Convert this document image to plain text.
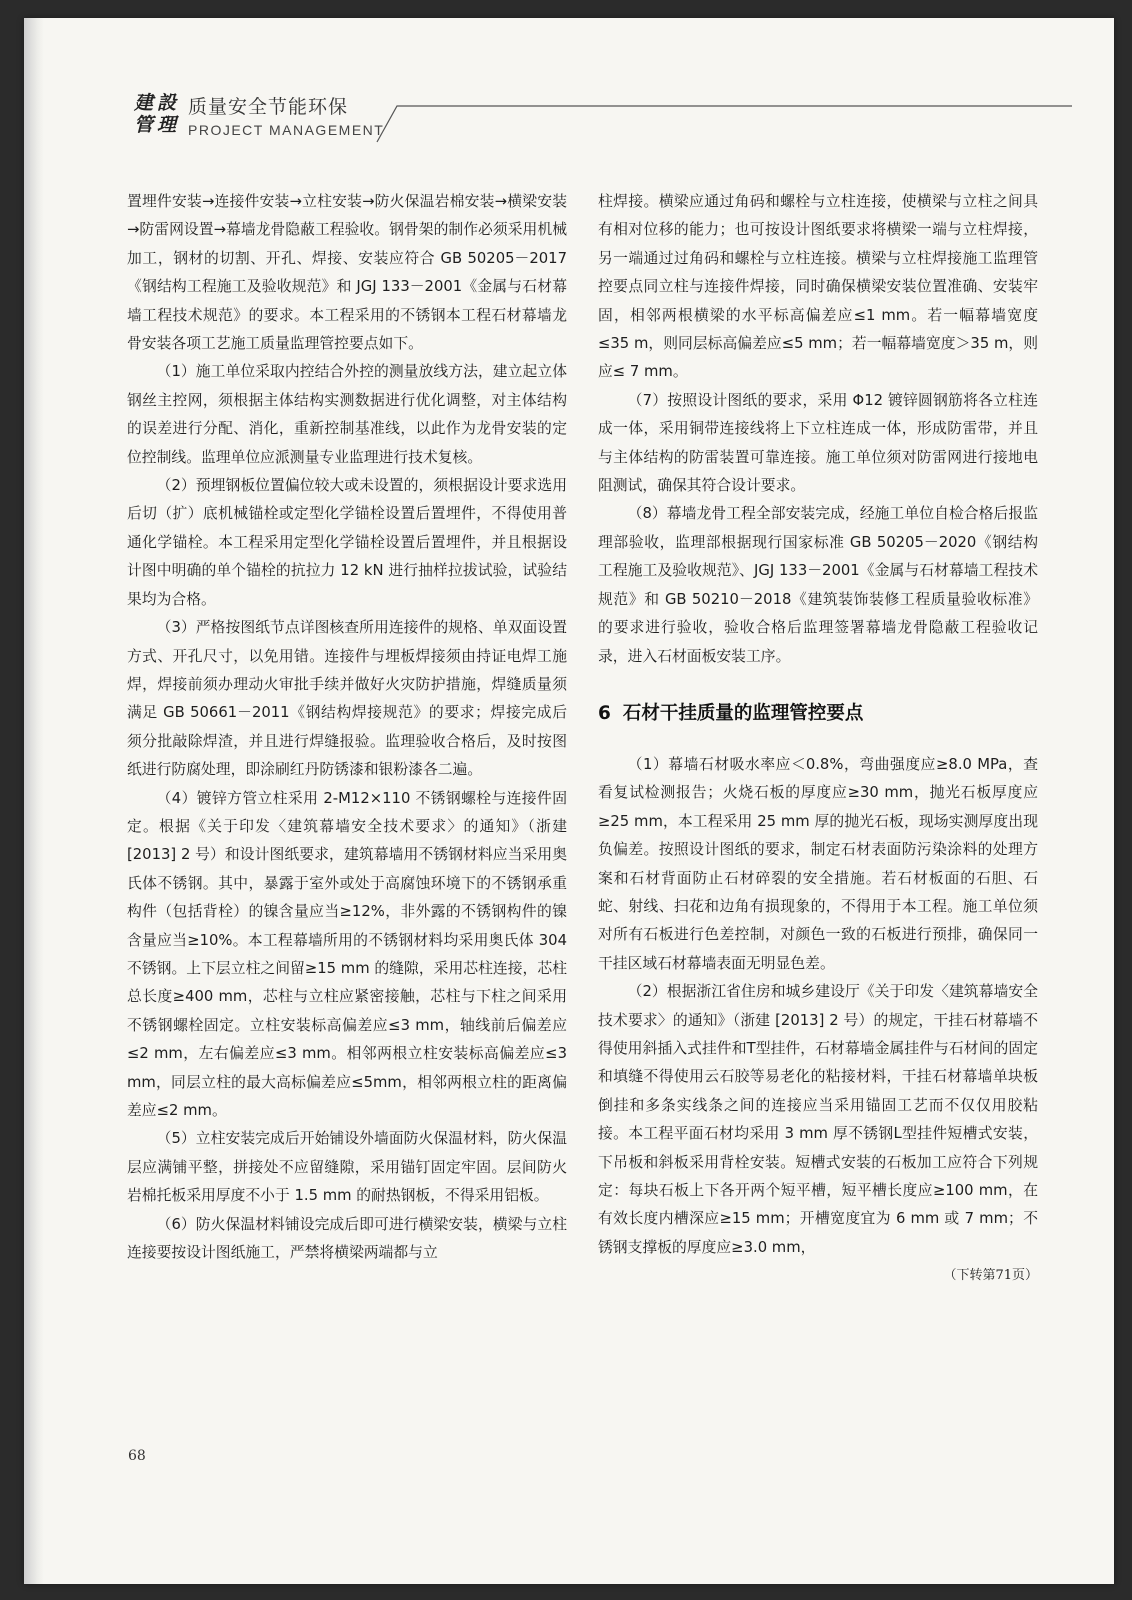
建 設
管 理
质量安全节能环保
PROJECT MANAGEMENT

置埋件安装→连接件安装→立柱安装→防火保温岩棉安装→横梁安装→防雷网设置→幕墙龙骨隐蔽工程验收。钢骨架的制作必须采用机械加工，钢材的切割、开孔、焊接、安装应符合 GB 50205－2017《钢结构工程施工及验收规范》和 JGJ 133－2001《金属与石材幕墙工程技术规范》的要求。本工程采用的不锈钢本工程石材幕墙龙骨安装各项工艺施工质量监理管控要点如下。

（1）施工单位采取内控结合外控的测量放线方法，建立起立体钢丝主控网，须根据主体结构实测数据进行优化调整，对主体结构的误差进行分配、消化，重新控制基准线，以此作为龙骨安装的定位控制线。监理单位应派测量专业监理进行技术复核。

（2）预埋钢板位置偏位较大或未设置的，须根据设计要求选用后切（扩）底机械锚栓或定型化学锚栓设置后置埋件，不得使用普通化学锚栓。本工程采用定型化学锚栓设置后置埋件，并且根据设计图中明确的单个锚栓的抗拉力 12 kN 进行抽样拉拔试验，试验结果均为合格。

（3）严格按图纸节点详图核查所用连接件的规格、单双面设置方式、开孔尺寸，以免用错。连接件与埋板焊接须由持证电焊工施焊，焊接前须办理动火审批手续并做好火灾防护措施，焊缝质量须满足 GB 50661－2011《钢结构焊接规范》的要求；焊接完成后须分批敲除焊渣，并且进行焊缝报验。监理验收合格后，及时按图纸进行防腐处理，即涂刷红丹防锈漆和银粉漆各二遍。

（4）镀锌方管立柱采用 2-M12×110 不锈钢螺栓与连接件固定。根据《关于印发〈建筑幕墙安全技术要求〉的通知》（浙建 [2013] 2 号）和设计图纸要求，建筑幕墙用不锈钢材料应当采用奥氏体不锈钢。其中，暴露于室外或处于高腐蚀环境下的不锈钢承重构件（包括背栓）的镍含量应当≥12%，非外露的不锈钢构件的镍含量应当≥10%。本工程幕墙所用的不锈钢材料均采用奥氏体 304 不锈钢。上下层立柱之间留≥15 mm 的缝隙，采用芯柱连接，芯柱总长度≥400 mm，芯柱与立柱应紧密接触，芯柱与下柱之间采用不锈钢螺栓固定。立柱安装标高偏差应≤3 mm，轴线前后偏差应≤2 mm，左右偏差应≤3 mm。相邻两根立柱安装标高偏差应≤3 mm，同层立柱的最大高标偏差应≤5mm，相邻两根立柱的距离偏差应≤2 mm。

（5）立柱安装完成后开始铺设外墙面防火保温材料，防火保温层应满铺平整，拼接处不应留缝隙，采用锚钉固定牢固。层间防火岩棉托板采用厚度不小于 1.5 mm 的耐热钢板，不得采用铝板。

（6）防火保温材料铺设完成后即可进行横梁安装，横梁与立柱连接要按设计图纸施工，严禁将横梁两端都与立

柱焊接。横梁应通过角码和螺栓与立柱连接，使横梁与立柱之间具有相对位移的能力；也可按设计图纸要求将横梁一端与立柱焊接，另一端通过过角码和螺栓与立柱连接。横梁与立柱焊接施工监理管控要点同立柱与连接件焊接，同时确保横梁安装位置准确、安装牢固，相邻两根横梁的水平标高偏差应≤1 mm。若一幅幕墙宽度≤35 m，则同层标高偏差应≤5 mm；若一幅幕墙宽度＞35 m，则应≤ 7 mm。

（7）按照设计图纸的要求，采用 Φ12 镀锌圆钢筋将各立柱连成一体，采用铜带连接线将上下立柱连成一体，形成防雷带，并且与主体结构的防雷装置可靠连接。施工单位须对防雷网进行接地电阻测试，确保其符合设计要求。

（8）幕墙龙骨工程全部安装完成，经施工单位自检合格后报监理部验收，监理部根据现行国家标准 GB 50205－2020《钢结构工程施工及验收规范》、JGJ 133－2001《金属与石材幕墙工程技术规范》和 GB 50210－2018《建筑装饰装修工程质量验收标准》的要求进行验收，验收合格后监理签署幕墙龙骨隐蔽工程验收记录，进入石材面板安装工序。

6 石材干挂质量的监理管控要点

（1）幕墙石材吸水率应＜0.8%，弯曲强度应≥8.0 MPa，查看复试检测报告；火烧石板的厚度应≥30 mm，抛光石板厚度应≥25 mm，本工程采用 25 mm 厚的抛光石板，现场实测厚度出现负偏差。按照设计图纸的要求，制定石材表面防污染涂料的处理方案和石材背面防止石材碎裂的安全措施。若石材板面的石胆、石蛇、射线、扫花和边角有损现象的，不得用于本工程。施工单位须对所有石板进行色差控制，对颜色一致的石板进行预排，确保同一干挂区域石材幕墙表面无明显色差。

（2）根据浙江省住房和城乡建设厅《关于印发〈建筑幕墙安全技术要求〉的通知》（浙建 [2013] 2 号）的规定，干挂石材幕墙不得使用斜插入式挂件和T型挂件，石材幕墙金属挂件与石材间的固定和填缝不得使用云石胶等易老化的粘接材料，干挂石材幕墙单块板倒挂和多条实线条之间的连接应当采用锚固工艺而不仅仅用胶粘接。本工程平面石材均采用 3 mm 厚不锈钢L型挂件短槽式安装，下吊板和斜板采用背栓安装。短槽式安装的石板加工应符合下列规定：每块石板上下各开两个短平槽，短平槽长度应≥100 mm，在有效长度内槽深应≥15 mm；开槽宽度宜为 6 mm 或 7 mm；不锈钢支撑板的厚度应≥3.0 mm，

（下转第71页）
68
